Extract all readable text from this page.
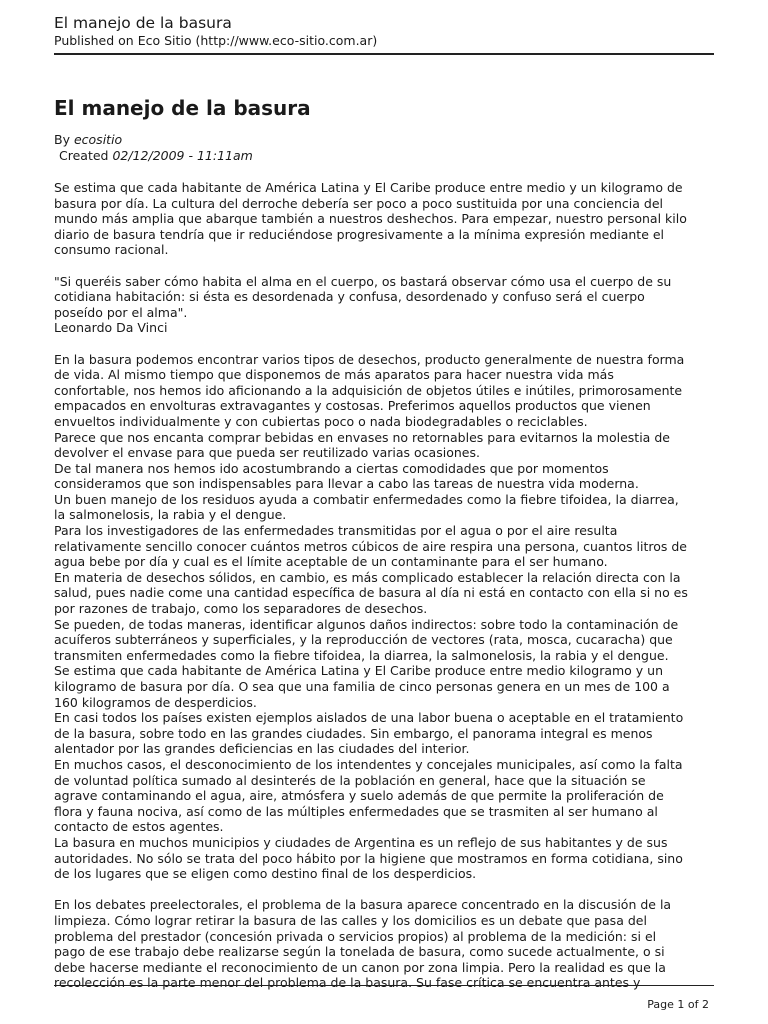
El manejo de la basura

Published on Eco Sitio (http://www.eco-sitio.com.ar)

El manejo de la basura

By ecositio

Created 02/12/2009 - 11:11am

Se estima que cada habitante de América Latina y El Caribe produce entre medio y un kilogramo de
basura por día. La cultura del derroche debería ser poco a poco sustituida por una conciencia del
mundo más amplia que abarque también a nuestros deshechos. Para empezar, nuestro personal kilo
diario de basura tendría que ir reduciéndose progresivamente a la mínima expresión mediante el
consumo racional.

"Si queréis saber cómo habita el alma en el cuerpo, os bastará observar cómo usa el cuerpo de su
cotidiana habitación: si ésta es desordenada y confusa, desordenado y confuso será el cuerpo
poseído por el alma".
Leonardo Da Vinci

En la basura podemos encontrar varios tipos de desechos, producto generalmente de nuestra forma
de vida. Al mismo tiempo que disponemos de más aparatos para hacer nuestra vida más
confortable, nos hemos ido aficionando a la adquisición de objetos útiles e inútiles, primorosamente
empacados en envolturas extravagantes y costosas. Preferimos aquellos productos que vienen
envueltos individualmente y con cubiertas poco o nada biodegradables o reciclables.
Parece que nos encanta comprar bebidas en envases no retornables para evitarnos la molestia de
devolver el envase para que pueda ser reutilizado varias ocasiones.
De tal manera nos hemos ido acostumbrando a ciertas comodidades que por momentos
consideramos que son indispensables para llevar a cabo las tareas de nuestra vida moderna.
Un buen manejo de los residuos ayuda a combatir enfermedades como la fiebre tifoidea, la diarrea,
la salmonelosis, la rabia y el dengue.
Para los investigadores de las enfermedades transmitidas por el agua o por el aire resulta
relativamente sencillo conocer cuántos metros cúbicos de aire respira una persona, cuantos litros de
agua bebe por día y cual es el límite aceptable de un contaminante para el ser humano.
En materia de desechos sólidos, en cambio, es más complicado establecer la relación directa con la
salud, pues nadie come una cantidad específica de basura al día ni está en contacto con ella si no es
por razones de trabajo, como los separadores de desechos.
Se pueden, de todas maneras, identificar algunos daños indirectos: sobre todo la contaminación de
acuíferos subterráneos y superficiales, y la reproducción de vectores (rata, mosca, cucaracha) que
transmiten enfermedades como la fiebre tifoidea, la diarrea, la salmonelosis, la rabia y el dengue.
Se estima que cada habitante de América Latina y El Caribe produce entre medio kilogramo y un
kilogramo de basura por día. O sea que una familia de cinco personas genera en un mes de 100 a
160 kilogramos de desperdicios.
En casi todos los países existen ejemplos aislados de una labor buena o aceptable en el tratamiento
de la basura, sobre todo en las grandes ciudades. Sin embargo, el panorama integral es menos
alentador por las grandes deficiencias en las ciudades del interior.
En muchos casos, el desconocimiento de los intendentes y concejales municipales, así como la falta
de voluntad política sumado al desinterés de la población en general, hace que la situación se
agrave contaminando el agua, aire, atmósfera y suelo además de que permite la proliferación de
flora y fauna nociva, así como de las múltiples enfermedades que se trasmiten al ser humano al
contacto de estos agentes.
La basura en muchos municipios y ciudades de Argentina es un reflejo de sus habitantes y de sus
autoridades. No sólo se trata del poco hábito por la higiene que mostramos en forma cotidiana, sino
de los lugares que se eligen como destino final de los desperdicios.

En los debates preelectorales, el problema de la basura aparece concentrado en la discusión de la
limpieza. Cómo lograr retirar la basura de las calles y los domicilios es un debate que pasa del
problema del prestador (concesión privada o servicios propios) al problema de la medición: si el
pago de ese trabajo debe realizarse según la tonelada de basura, como sucede actualmente, o si
debe hacerse mediante el reconocimiento de un canon por zona limpia. Pero la realidad es que la
recolección es la parte menor del problema de la basura. Su fase crítica se encuentra antes y

Page 1 of 2
